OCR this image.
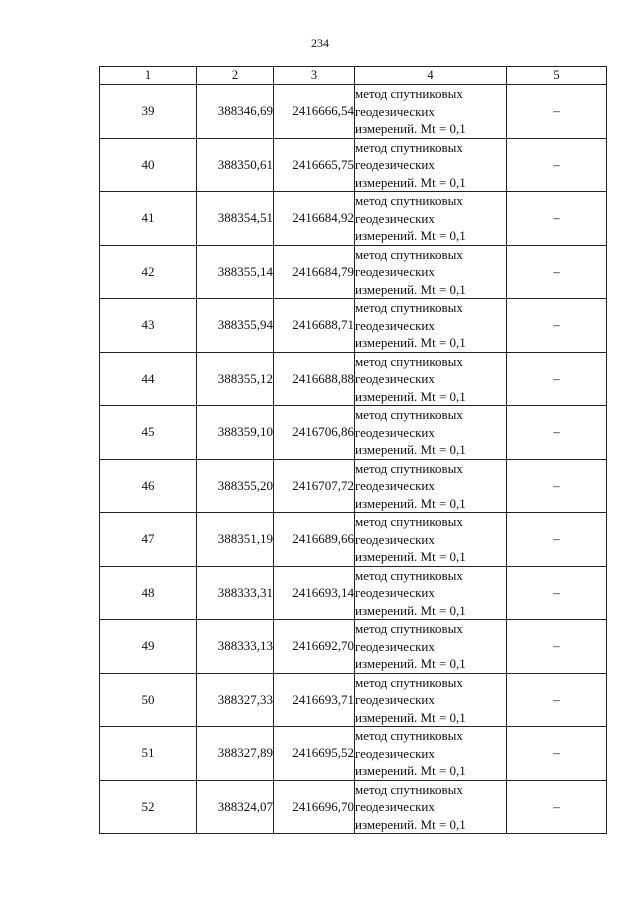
234
1	2	3	4	5
39	388346,69	2416666,54	метод спутниковых
геодезических
измерений. Mt = 0,1	–
40	388350,61	2416665,75	метод спутниковых
геодезических
измерений. Mt = 0,1	–
41	388354,51	2416684,92	метод спутниковых
геодезических
измерений. Mt = 0,1	–
42	388355,14	2416684,79	метод спутниковых
геодезических
измерений. Mt = 0,1	–
43	388355,94	2416688,71	метод спутниковых
геодезических
измерений. Mt = 0,1	–
44	388355,12	2416688,88	метод спутниковых
геодезических
измерений. Mt = 0,1	–
45	388359,10	2416706,86	метод спутниковых
геодезических
измерений. Mt = 0,1	–
46	388355,20	2416707,72	метод спутниковых
геодезических
измерений. Mt = 0,1	–
47	388351,19	2416689,66	метод спутниковых
геодезических
измерений. Mt = 0,1	–
48	388333,31	2416693,14	метод спутниковых
геодезических
измерений. Mt = 0,1	–
49	388333,13	2416692,70	метод спутниковых
геодезических
измерений. Mt = 0,1	–
50	388327,33	2416693,71	метод спутниковых
геодезических
измерений. Mt = 0,1	–
51	388327,89	2416695,52	метод спутниковых
геодезических
измерений. Mt = 0,1	–
52	388324,07	2416696,70	метод спутниковых
геодезических
измерений. Mt = 0,1	–
